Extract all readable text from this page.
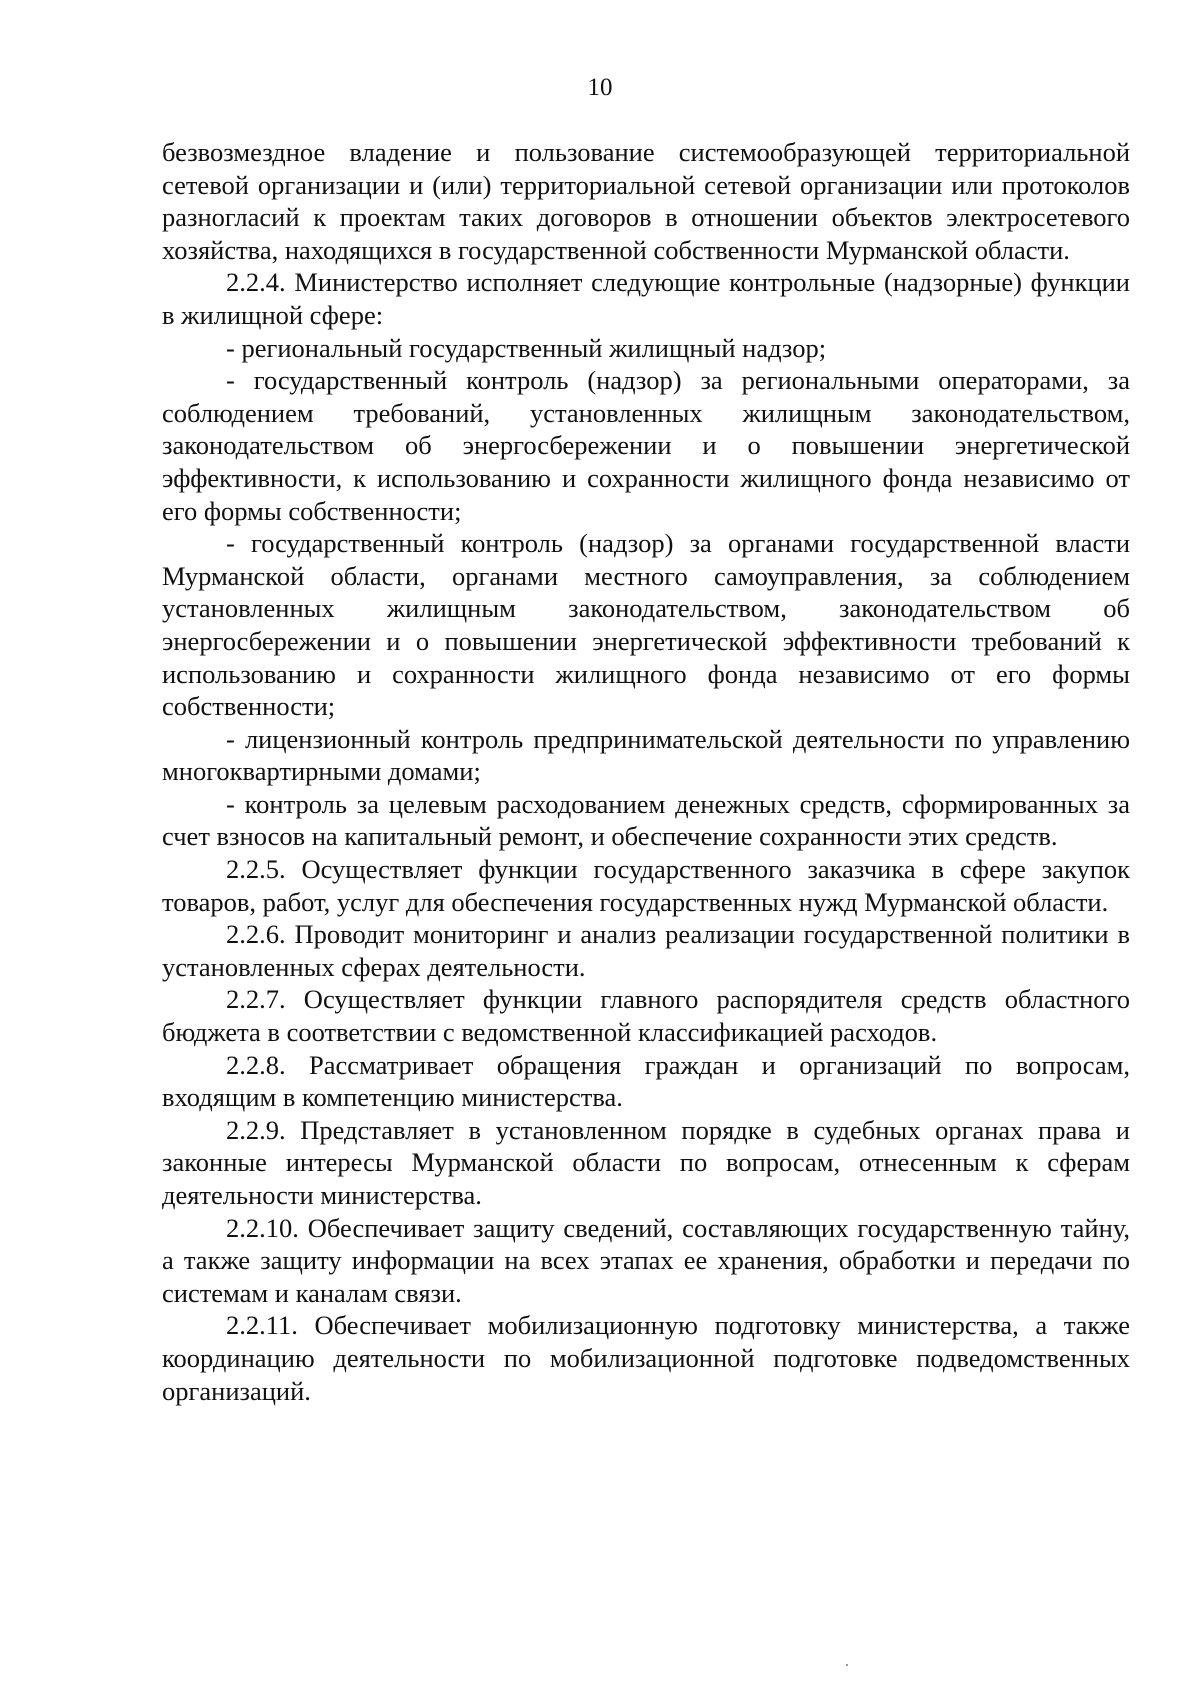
10

безвозмездное владение и пользование системообразующей территориальной сетевой организации и (или) территориальной сетевой организации или протоколов разногласий к проектам таких договоров в отношении объектов электросетевого хозяйства, находящихся в государственной собственности Мурманской области.

2.2.4. Министерство исполняет следующие контрольные (надзорные) функции в жилищной сфере:

- региональный государственный жилищный надзор;

- государственный контроль (надзор) за региональными операторами, за соблюдением требований, установленных жилищным законодательством, законодательством об энергосбережении и о повышении энергетической эффективности, к использованию и сохранности жилищного фонда независимо от его формы собственности;

- государственный контроль (надзор) за органами государственной власти Мурманской области, органами местного самоуправления, за соблюдением установленных жилищным законодательством, законодательством об энергосбережении и о повышении энергетической эффективности требований к использованию и сохранности жилищного фонда независимо от его формы собственности;

- лицензионный контроль предпринимательской деятельности по управлению многоквартирными домами;

- контроль за целевым расходованием денежных средств, сформированных за счет взносов на капитальный ремонт, и обеспечение сохранности этих средств.

2.2.5. Осуществляет функции государственного заказчика в сфере закупок товаров, работ, услуг для обеспечения государственных нужд Мурманской области.

2.2.6. Проводит мониторинг и анализ реализации государственной политики в установленных сферах деятельности.

2.2.7. Осуществляет функции главного распорядителя средств областного бюджета в соответствии с ведомственной классификацией расходов.

2.2.8. Рассматривает обращения граждан и организаций по вопросам, входящим в компетенцию министерства.

2.2.9. Представляет в установленном порядке в судебных органах права и законные интересы Мурманской области по вопросам, отнесенным к сферам деятельности министерства.

2.2.10. Обеспечивает защиту сведений, составляющих государственную тайну, а также защиту информации на всех этапах ее хранения, обработки и передачи по системам и каналам связи.

2.2.11. Обеспечивает мобилизационную подготовку министерства, а также координацию деятельности по мобилизационной подготовке подведомственных организаций.
